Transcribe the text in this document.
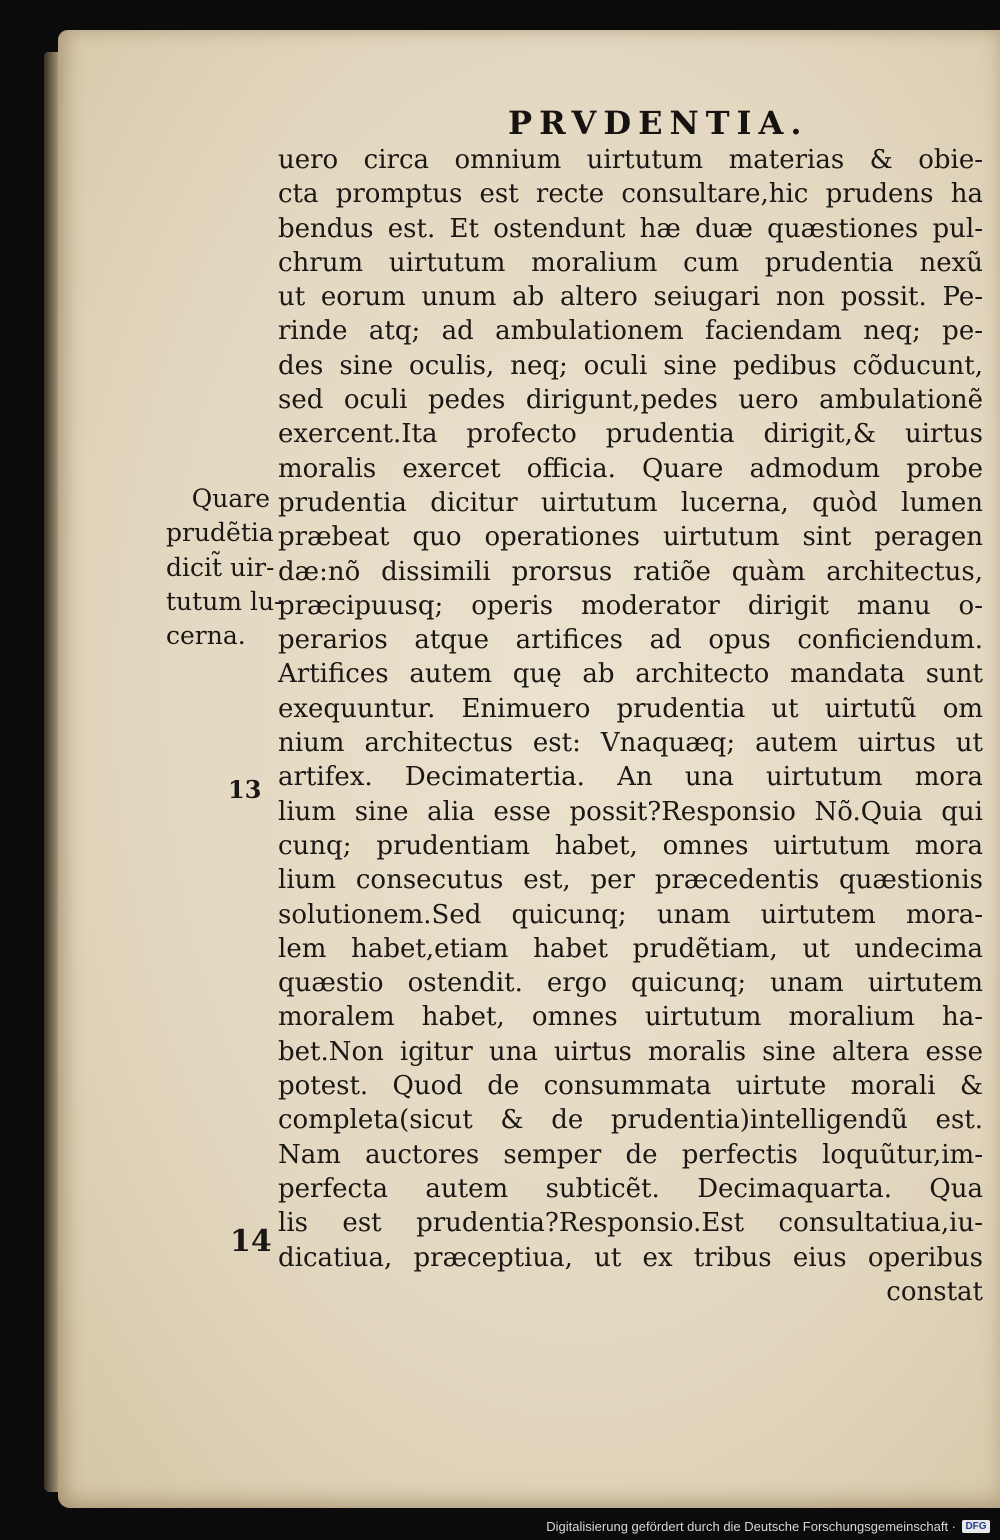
PRVDENTIA.
Quare
prudẽtia
dicit̃ uir-
tutum lu-
cerna.
13
14
uero circa omnium uirtutum materias & obie-
cta promptus est recte consultare,hic prudens ha
bendus est. Et ostendunt hæ duæ quæstiones pul-
chrum uirtutum moralium cum prudentia nexũ
ut eorum unum ab altero seiugari non possit. Pe-
rinde atq; ad ambulationem faciendam neq; pe-
des sine oculis, neq; oculi sine pedibus cõducunt,
sed oculi pedes dirigunt,pedes uero ambulationẽ
exercent.Ita profecto prudentia dirigit,& uirtus
moralis exercet officia. Quare admodum probe
prudentia dicitur uirtutum lucerna, quòd lumen
præbeat quo operationes uirtutum sint peragen
dæ:nõ dissimili prorsus ratiõe quàm architectus,
præcipuusq; operis moderator dirigit manu o-
perarios atque artifices ad opus conficiendum.
Artifices autem quę ab architecto mandata sunt
exequuntur. Enimuero prudentia ut uirtutũ om
nium architectus est: Vnaquæq; autem uirtus ut
artifex. Decimatertia. An una uirtutum mora
lium sine alia esse possit?Responsio Nõ.Quia qui
cunq; prudentiam habet, omnes uirtutum mora
lium consecutus est, per præcedentis quæstionis
solutionem.Sed quicunq; unam uirtutem mora-
lem habet,etiam habet prudẽtiam, ut undecima
quæstio ostendit. ergo quicunq; unam uirtutem
moralem habet, omnes uirtutum moralium ha-
bet.Non igitur una uirtus moralis sine altera esse
potest. Quod de consummata uirtute morali &
completa(sicut & de prudentia)intelligendũ est.
Nam auctores semper de perfectis loquũtur,im-
perfecta autem subticẽt. Decimaquarta. Qua
lis est prudentia?Responsio.Est consultatiua,iu-
dicatiua, præceptiua, ut ex tribus eius operibus
constat
Digitalisierung gefördert durch die Deutsche Forschungsgemeinschaft · DFG
